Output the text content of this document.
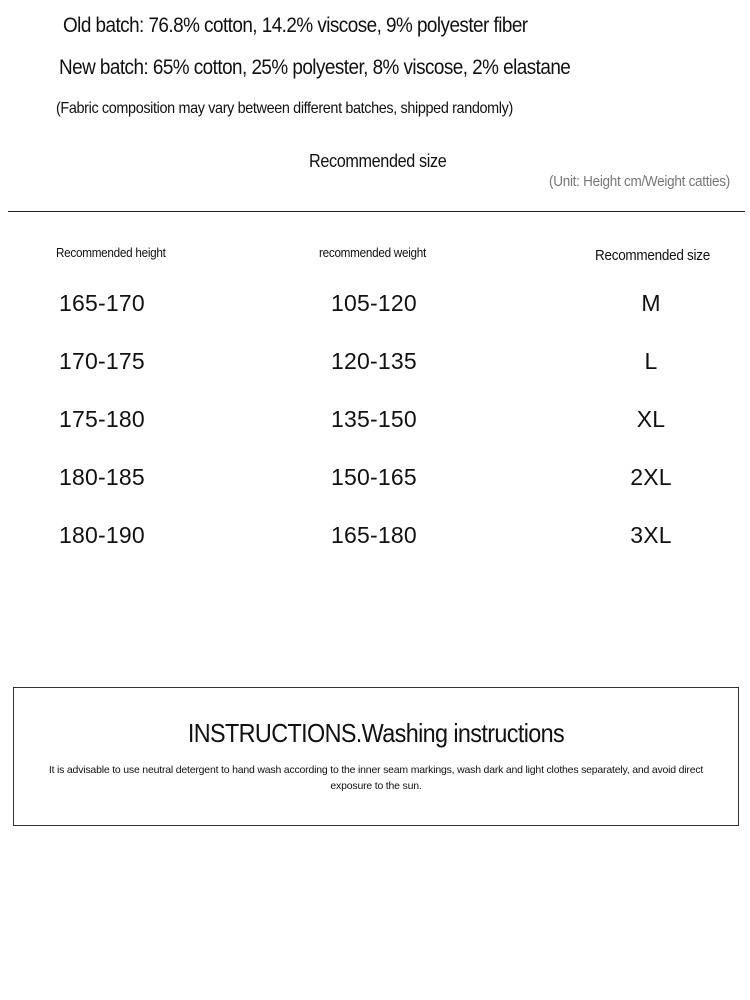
Old batch: 76.8% cotton, 14.2% viscose, 9% polyester fiber
New batch: 65% cotton, 25% polyester, 8% viscose, 2% elastane
(Fabric composition may vary between different batches, shipped randomly)
Recommended size
(Unit: Height cm/Weight catties)
Recommended height	recommended weight	Recommended size
165-170	105-120	M
170-175	120-135	L
175-180	135-150	XL
180-185	150-165	2XL
180-190	165-180	3XL
INSTRUCTIONS.Washing instructions
It is advisable to use neutral detergent to hand wash according to the inner seam markings, wash dark and light clothes separately, and avoid direct exposure to the sun.
